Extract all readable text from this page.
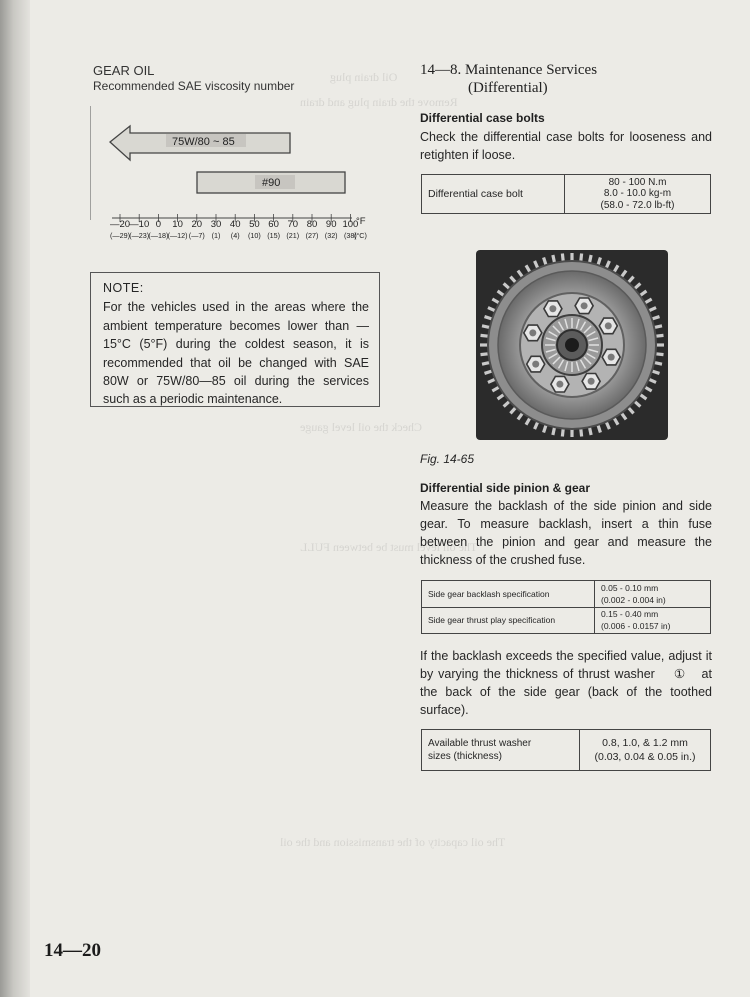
Oil drain plug
Remove the drain plug and drain
Check the oil level gauge
The oil level must be between FULL
The oil capacity of the transmission and the oil
GEAR OIL
Recommended SAE viscosity number
75W/80 ~ 85
#90
—20 —10 0 10 20 30 40 50 60 70 80 90 100
(—29) (—23) (—18) (—12) (—7) (1) (4) (10) (15) (21) (27) (32) (38)
°F
(°C)
NOTE:
For the vehicles used in the areas where the ambient temperature becomes lower than —15°C (5°F) during the coldest season, it is recommended that oil be changed with SAE 80W or 75W/80—85 oil during the services such as a periodic maintenance.
14—20
14—8. Maintenance Services
(Differential)
Differential case bolts
Check the differential case bolts for looseness and retighten if loose.
Differential case bolt	
80 - 100 N.m
8.0 - 10.0 kg-m
(58.0 - 72.0 lb-ft)
Fig. 14-65
Differential side pinion & gear
Measure the backlash of the side pinion and side gear. To measure backlash, insert a thin fuse between the pinion and gear and measure the thickness of the crushed fuse.
Side gear backlash specification	0.05 - 0.10 mm
(0.002 - 0.004 in)

Side gear thrust play specification	0.15 - 0.40 mm
(0.006 - 0.0157 in)
If the backlash exceeds the specified value, adjust it by varying the thickness of thrust washer ① at the back of the side gear (back of the toothed surface).
Available thrust washer
sizes (thickness)

0.8, 1.0, & 1.2 mm
(0.03, 0.04 & 0.05 in.)
